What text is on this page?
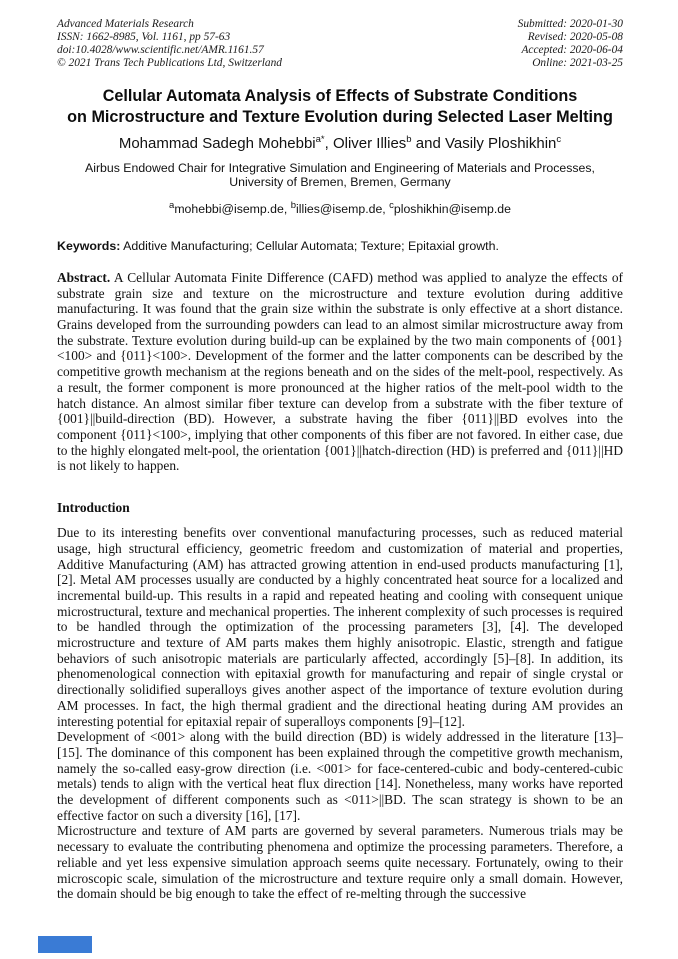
Advanced Materials Research
ISSN: 1662-8985, Vol. 1161, pp 57-63
doi:10.4028/www.scientific.net/AMR.1161.57
© 2021 Trans Tech Publications Ltd, Switzerland
Submitted: 2020-01-30
Revised: 2020-05-08
Accepted: 2020-06-04
Online: 2021-03-25
Cellular Automata Analysis of Effects of Substrate Conditions
on Microstructure and Texture Evolution during Selected Laser Melting
Mohammad Sadegh Mohebbi$^{a*}$, Oliver Illies$^b$ and Vasily Ploshikhin$^c$
Airbus Endowed Chair for Integrative Simulation and Engineering of Materials and Processes,
University of Bremen, Bremen, Germany
$^a$mohebbi@isemp.de, $^b$illies@isemp.de, $^c$ploshikhin@isemp.de
Keywords: Additive Manufacturing; Cellular Automata; Texture; Epitaxial growth.

Abstract. A Cellular Automata Finite Difference (CAFD) method was applied to analyze the effects of substrate grain size and texture on the microstructure and texture evolution during additive manufacturing. It was found that the grain size within the substrate is only effective at a short distance. Grains developed from the surrounding powders can lead to an almost similar microstructure away from the substrate. Texture evolution during build-up can be explained by the two main components of {001}<100> and {011}<100>. Development of the former and the latter components can be described by the competitive growth mechanism at the regions beneath and on the sides of the melt-pool, respectively. As a result, the former component is more pronounced at the higher ratios of the melt-pool width to the hatch distance. An almost similar fiber texture can develop from a substrate with the fiber texture of {001}||build-direction (BD). However, a substrate having the fiber {011}||BD evolves into the component {011}<100>, implying that other components of this fiber are not favored. In either case, due to the highly elongated melt-pool, the orientation {001}||hatch-direction (HD) is preferred and {011}||HD is not likely to happen.

Introduction

Due to its interesting benefits over conventional manufacturing processes, such as reduced material usage, high structural efficiency, geometric freedom and customization of material and properties, Additive Manufacturing (AM) has attracted growing attention in end-used products manufacturing [1], [2]. Metal AM processes usually are conducted by a highly concentrated heat source for a localized and incremental build-up. This results in a rapid and repeated heating and cooling with consequent unique microstructural, texture and mechanical properties. The inherent complexity of such processes is required to be handled through the optimization of the processing parameters [3], [4]. The developed microstructure and texture of AM parts makes them highly anisotropic. Elastic, strength and fatigue behaviors of such anisotropic materials are particularly affected, accordingly [5]–[8]. In addition, its phenomenological connection with epitaxial growth for manufacturing and repair of single crystal or directionally solidified superalloys gives another aspect of the importance of texture evolution during AM processes. In fact, the high thermal gradient and the directional heating during AM provides an interesting potential for epitaxial repair of superalloys components [9]–[12].

Development of <001> along with the build direction (BD) is widely addressed in the literature [13]–[15]. The dominance of this component has been explained through the competitive growth mechanism, namely the so-called easy-grow direction (i.e. <001> for face-centered-cubic and body-centered-cubic metals) tends to align with the vertical heat flux direction [14]. Nonetheless, many works have reported the development of different components such as <011>||BD. The scan strategy is shown to be an effective factor on such a diversity [16], [17].

Microstructure and texture of AM parts are governed by several parameters. Numerous trials may be necessary to evaluate the contributing phenomena and optimize the processing parameters. Therefore, a reliable and yet less expensive simulation approach seems quite necessary. Fortunately, owing to their microscopic scale, simulation of the microstructure and texture require only a small domain. However, the domain should be big enough to take the effect of re-melting through the successive
